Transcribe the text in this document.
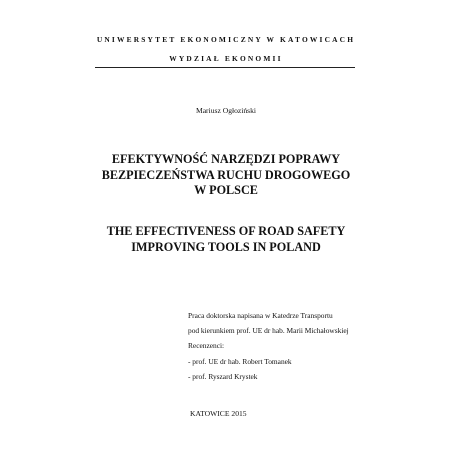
UNIWERSYTET EKONOMICZNY W KATOWICACH
WYDZIAŁ EKONOMII
Mariusz Ogłoziński
EFEKTYWNOŚĆ NARZĘDZI POPRAWY
BEZPIECZEŃSTWA RUCHU DROGOWEGO
W POLSCE
THE EFFECTIVENESS OF ROAD SAFETY
IMPROVING TOOLS IN POLAND
Praca doktorska napisana w Katedrze Transportu
pod kierunkiem prof. UE dr hab. Marii Michałowskiej
Recenzenci:
- prof. UE dr hab. Robert Tomanek
- prof. Ryszard Krystek
KATOWICE 2015
